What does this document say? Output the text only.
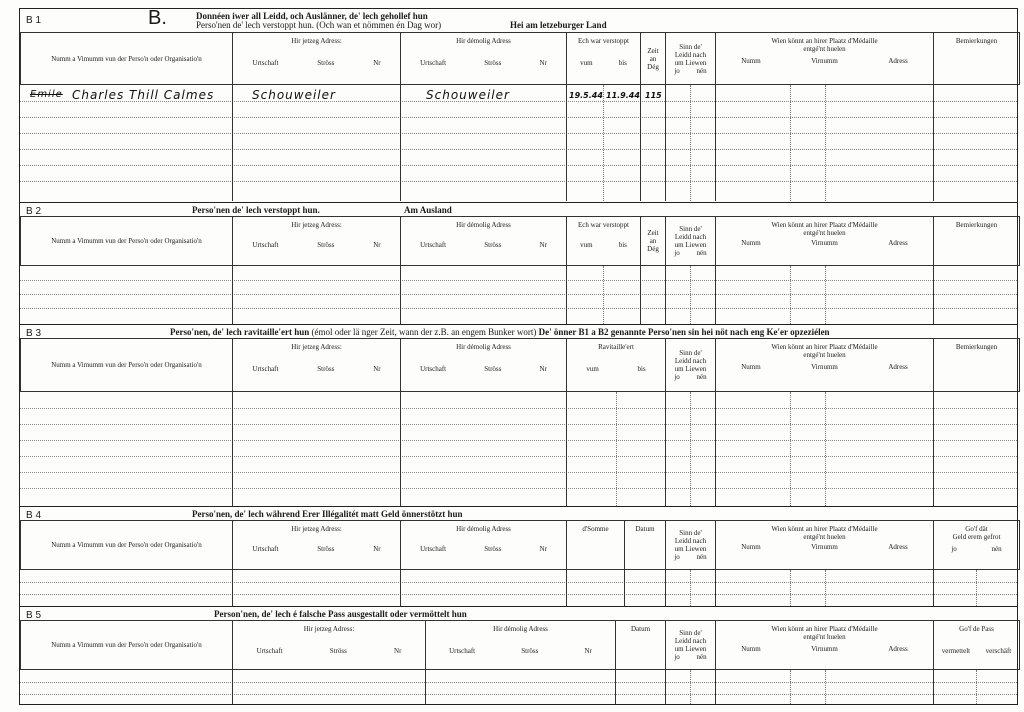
B 1	B.	Donnéen iwer all Leidd, och Auslänner, de' lech gehollef hun
Perso'nen de' lech verstoppt hun. (Och wan et nömmen én Dag wor)	Hei am letzeburger Land
Numm a Vimumm vun der Perso'n oder Organisatio'n	
Hir jetzeg Adress:
Urtschaft	Ströss	Nr

Hir démolig Adress
Urtschaft	Ströss	Nr

Ech war verstoppt
vum	bis

Zeit
an
Dég

Sinn de'
Leidd nach
um Liewen
jo nén

Wien könnt an hirer Plaatz d'Médaille
entgé'nt huelen
Numm	Virnumm	Adress
	Bemierkungen
Emile Charles Thill Calmes	Schouweiler	Schouweiler	19.5.44 11.9.44 115
B 2	Perso'nen de' lech verstoppt hun.	Am Ausland
Numm a Vimumm vun der Perso'n oder Organisatio'n	
Hir jetzeg Adress:
Urtschaft	Ströss	Nr

Hir démolig Adress
Urtschaft	Ströss	Nr

Ech war verstoppt
vum	bis

Zeit
an
Dég

Sinn de'
Leidd nach
um Liewen
jo nén

Wien könnt an hirer Plaatz d'Médaille
entgé'nt huelen
Numm	Virnumm	Adress
	Bemierkungen
B 3	Perso'nen, de' lech ravitaille'ert hun (émol oder lä nger Zeit, wann der z.B. an engem Bunker wort) De' önner B1 a B2 genannte Perso'nen sin hei nöt nach eng Ke'er opzeziélen
Numm a Vimumm vun der Perso'n oder Organisatio'n	
Hir jetzeg Adress:
Urtschaft	Ströss	Nr

Hir démolig Adress
Urtschaft	Ströss	Nr

Ravitaille'ert
vum	bis

Sinn de'
Leidd nach
um Liewen
jo nén

Wien könnt an hirer Plaatz d'Médaille
entgé'nt huelen
Numm	Virnumm	Adress
	Bemierkungen
B 4	Perso'nen, de' lech während Erer Illégalitét matt Geld önnerstötzt hun
Numm a Vimumm vun der Perso'n oder Organisatio'n	
Hir jetzeg Adress:
Urtschaft	Ströss	Nr

Hir démolig Adress
Urtschaft	Ströss	Nr
	d'Somme	Datum	Sinn de'
Leidd nach
um Liewen
jo nén

Wien könnt an hirer Plaatz d'Médaille
entgé'nt huelen
Numm	Virnumm	Adress

Go'f dät
Geld erem gefrot
jo	nén
B 5	Person'nen, de' lech é falsche Pass ausgestallt oder vermöttelt hun
Numm a Vimumm vun der Perso'n oder Organisatio'n	
Hir jetzeg Adress:
Urtschaft	Ströss	Nr

Hir démolig Adress
Urtschaft	Ströss	Nr
	Datum	Sinn de'
Leidd nach
um Liewen
jo nén

Wien könnt an hirer Plaatz d'Médaille
entgé'nt huelen
Numm	Virnumm	Adress

Go'f de Pass
vermettelt verschäft
